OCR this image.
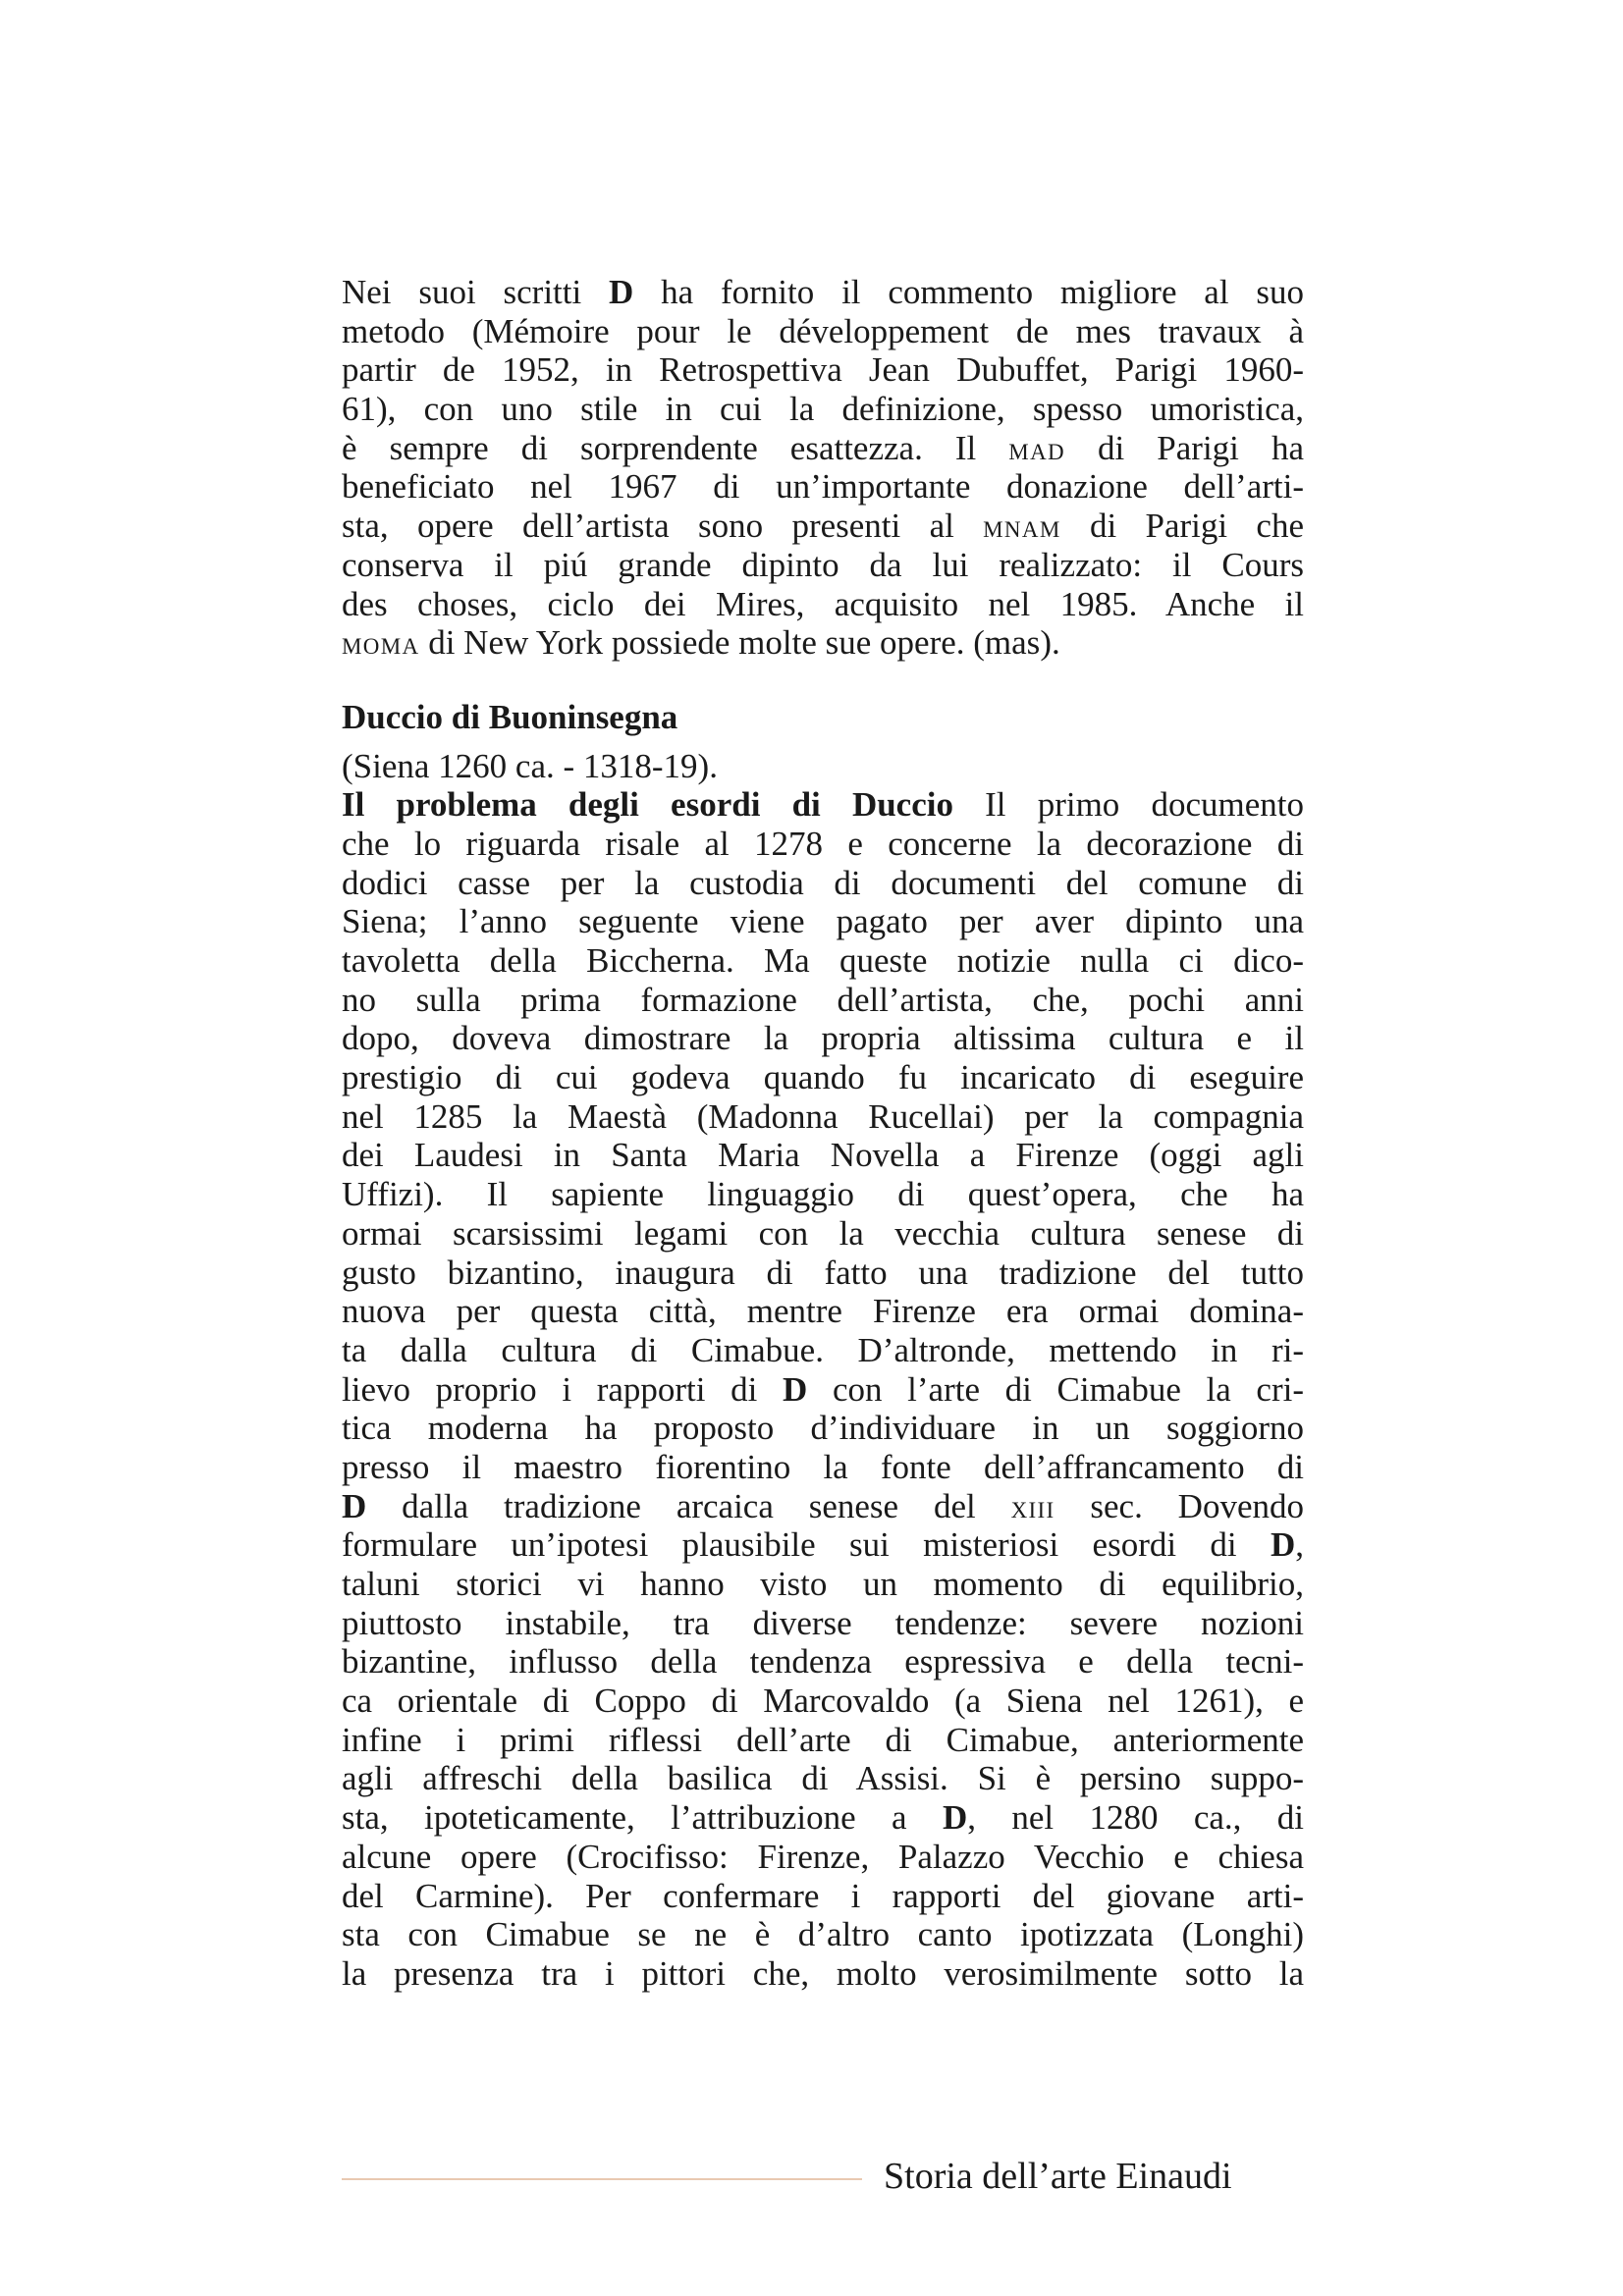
Nei suoi scritti D ha fornito il commento migliore al suo
metodo (Mémoire pour le développement de mes travaux à
partir de 1952, in Retrospettiva Jean Dubuffet, Parigi 1960-
61), con uno stile in cui la definizione, spesso umoristica,
è sempre di sorprendente esattezza. Il mad di Parigi ha
beneficiato nel 1967 di un’importante donazione dell’arti-
sta, opere dell’artista sono presenti al mnam di Parigi che
conserva il piú grande dipinto da lui realizzato: il Cours
des choses, ciclo dei Mires, acquisito nel 1985. Anche il
moma di New York possiede molte sue opere. (mas).
Duccio di Buoninsegna
(Siena 1260 ca. - 1318-19).
Il problema degli esordi di Duccio Il primo documento
che lo riguarda risale al 1278 e concerne la decorazione di
dodici casse per la custodia di documenti del comune di
Siena; l’anno seguente viene pagato per aver dipinto una
tavoletta della Biccherna. Ma queste notizie nulla ci dico-
no sulla prima formazione dell’artista, che, pochi anni
dopo, doveva dimostrare la propria altissima cultura e il
prestigio di cui godeva quando fu incaricato di eseguire
nel 1285 la Maestà (Madonna Rucellai) per la compagnia
dei Laudesi in Santa Maria Novella a Firenze (oggi agli
Uffizi). Il sapiente linguaggio di quest’opera, che ha
ormai scarsissimi legami con la vecchia cultura senese di
gusto bizantino, inaugura di fatto una tradizione del tutto
nuova per questa città, mentre Firenze era ormai domina-
ta dalla cultura di Cimabue. D’altronde, mettendo in ri-
lievo proprio i rapporti di D con l’arte di Cimabue la cri-
tica moderna ha proposto d’individuare in un soggiorno
presso il maestro fiorentino la fonte dell’affrancamento di
D dalla tradizione arcaica senese del xiii sec. Dovendo
formulare un’ipotesi plausibile sui misteriosi esordi di D,
taluni storici vi hanno visto un momento di equilibrio,
piuttosto instabile, tra diverse tendenze: severe nozioni
bizantine, influsso della tendenza espressiva e della tecni-
ca orientale di Coppo di Marcovaldo (a Siena nel 1261), e
infine i primi riflessi dell’arte di Cimabue, anteriormente
agli affreschi della basilica di Assisi. Si è persino suppo-
sta, ipoteticamente, l’attribuzione a D, nel 1280 ca., di
alcune opere (Crocifisso: Firenze, Palazzo Vecchio e chiesa
del Carmine). Per confermare i rapporti del giovane arti-
sta con Cimabue se ne è d’altro canto ipotizzata (Longhi)
la presenza tra i pittori che, molto verosimilmente sotto la
Storia dell’arte Einaudi
